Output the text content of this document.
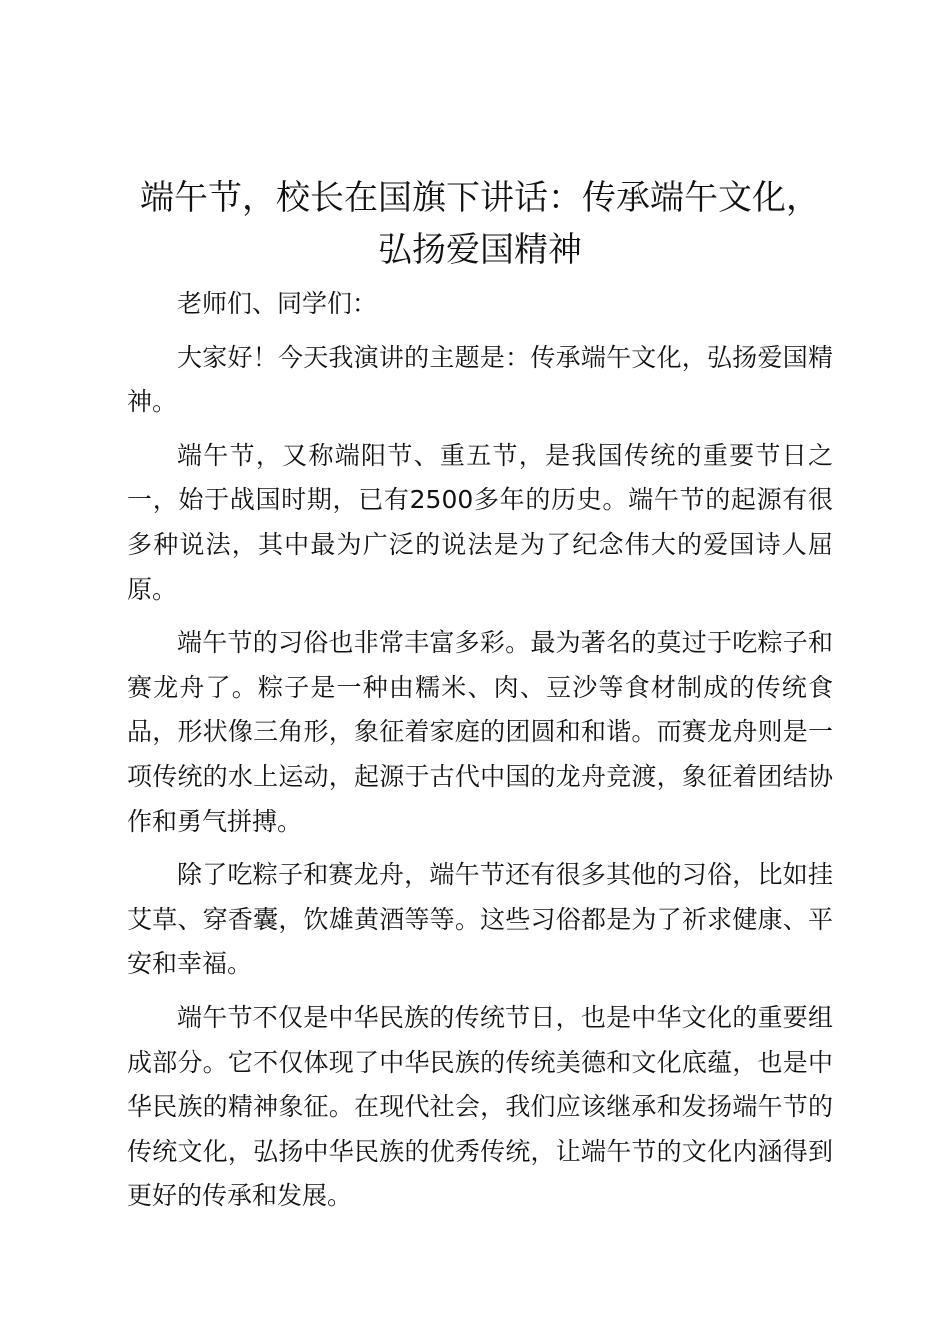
端午节，校长在国旗下讲话：传承端午文化，弘扬爱国精神

老师们、同学们：

大家好！今天我演讲的主题是：传承端午文化，弘扬爱国精神。

端午节，又称端阳节、重五节，是我国传统的重要节日之一，始于战国时期，已有2500多年的历史。端午节的起源有很多种说法，其中最为广泛的说法是为了纪念伟大的爱国诗人屈原。

端午节的习俗也非常丰富多彩。最为著名的莫过于吃粽子和赛龙舟了。粽子是一种由糯米、肉、豆沙等食材制成的传统食品，形状像三角形，象征着家庭的团圆和和谐。而赛龙舟则是一项传统的水上运动，起源于古代中国的龙舟竞渡，象征着团结协作和勇气拼搏。

除了吃粽子和赛龙舟，端午节还有很多其他的习俗，比如挂艾草、穿香囊，饮雄黄酒等等。这些习俗都是为了祈求健康、平安和幸福。

端午节不仅是中华民族的传统节日，也是中华文化的重要组成部分。它不仅体现了中华民族的传统美德和文化底蕴，也是中华民族的精神象征。在现代社会，我们应该继承和发扬端午节的传统文化，弘扬中华民族的优秀传统，让端午节的文化内涵得到更好的传承和发展。
